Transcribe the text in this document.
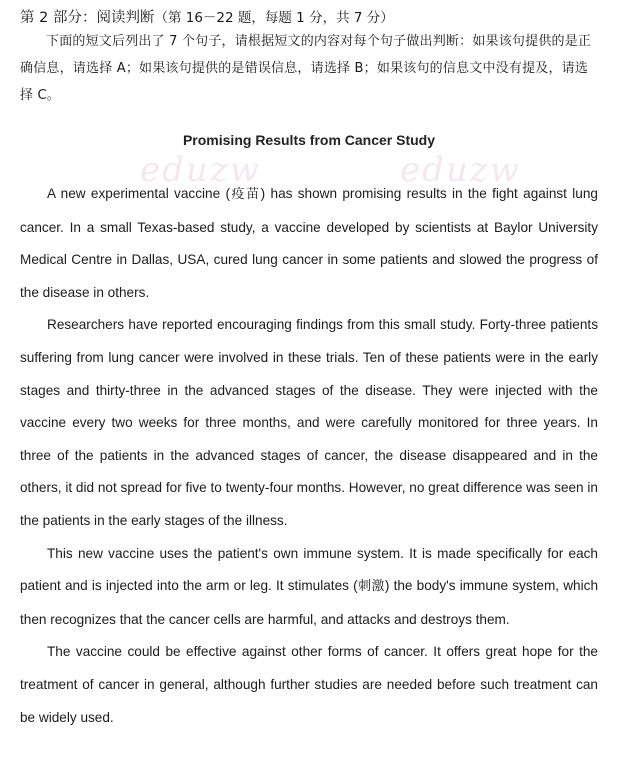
eduzw	eduzw

第 2 部分：阅读判断（第 16－22 题，每题 1 分，共 7 分）

下面的短文后列出了 7 个句子，请根据短文的内容对每个句子做出判断：如果该句提供的是正确信息，请选择 A；如果该句提供的是错误信息，请选择 B；如果该句的信息文中没有提及，请选择 C。

Promising Results from Cancer Study

A new experimental vaccine (疫苗) has shown promising results in the fight against lung cancer. In a small Texas-based study, a vaccine developed by scientists at Baylor University Medical Centre in Dallas, USA, cured lung cancer in some patients and slowed the progress of the disease in others.

Researchers have reported encouraging findings from this small study. Forty-three patients suffering from lung cancer were involved in these trials. Ten of these patients were in the early stages and thirty-three in the advanced stages of the disease. They were injected with the vaccine every two weeks for three months, and were carefully monitored for three years. In three of the patients in the advanced stages of cancer, the disease disappeared and in the others, it did not spread for five to twenty-four months. However, no great difference was seen in the patients in the early stages of the illness.

This new vaccine uses the patient's own immune system. It is made specifically for each patient and is injected into the arm or leg. It stimulates (刺激) the body's immune system, which then recognizes that the cancer cells are harmful, and attacks and destroys them.

The vaccine could be effective against other forms of cancer. It offers great hope for the treatment of cancer in general, although further studies are needed before such treatment can be widely used.
